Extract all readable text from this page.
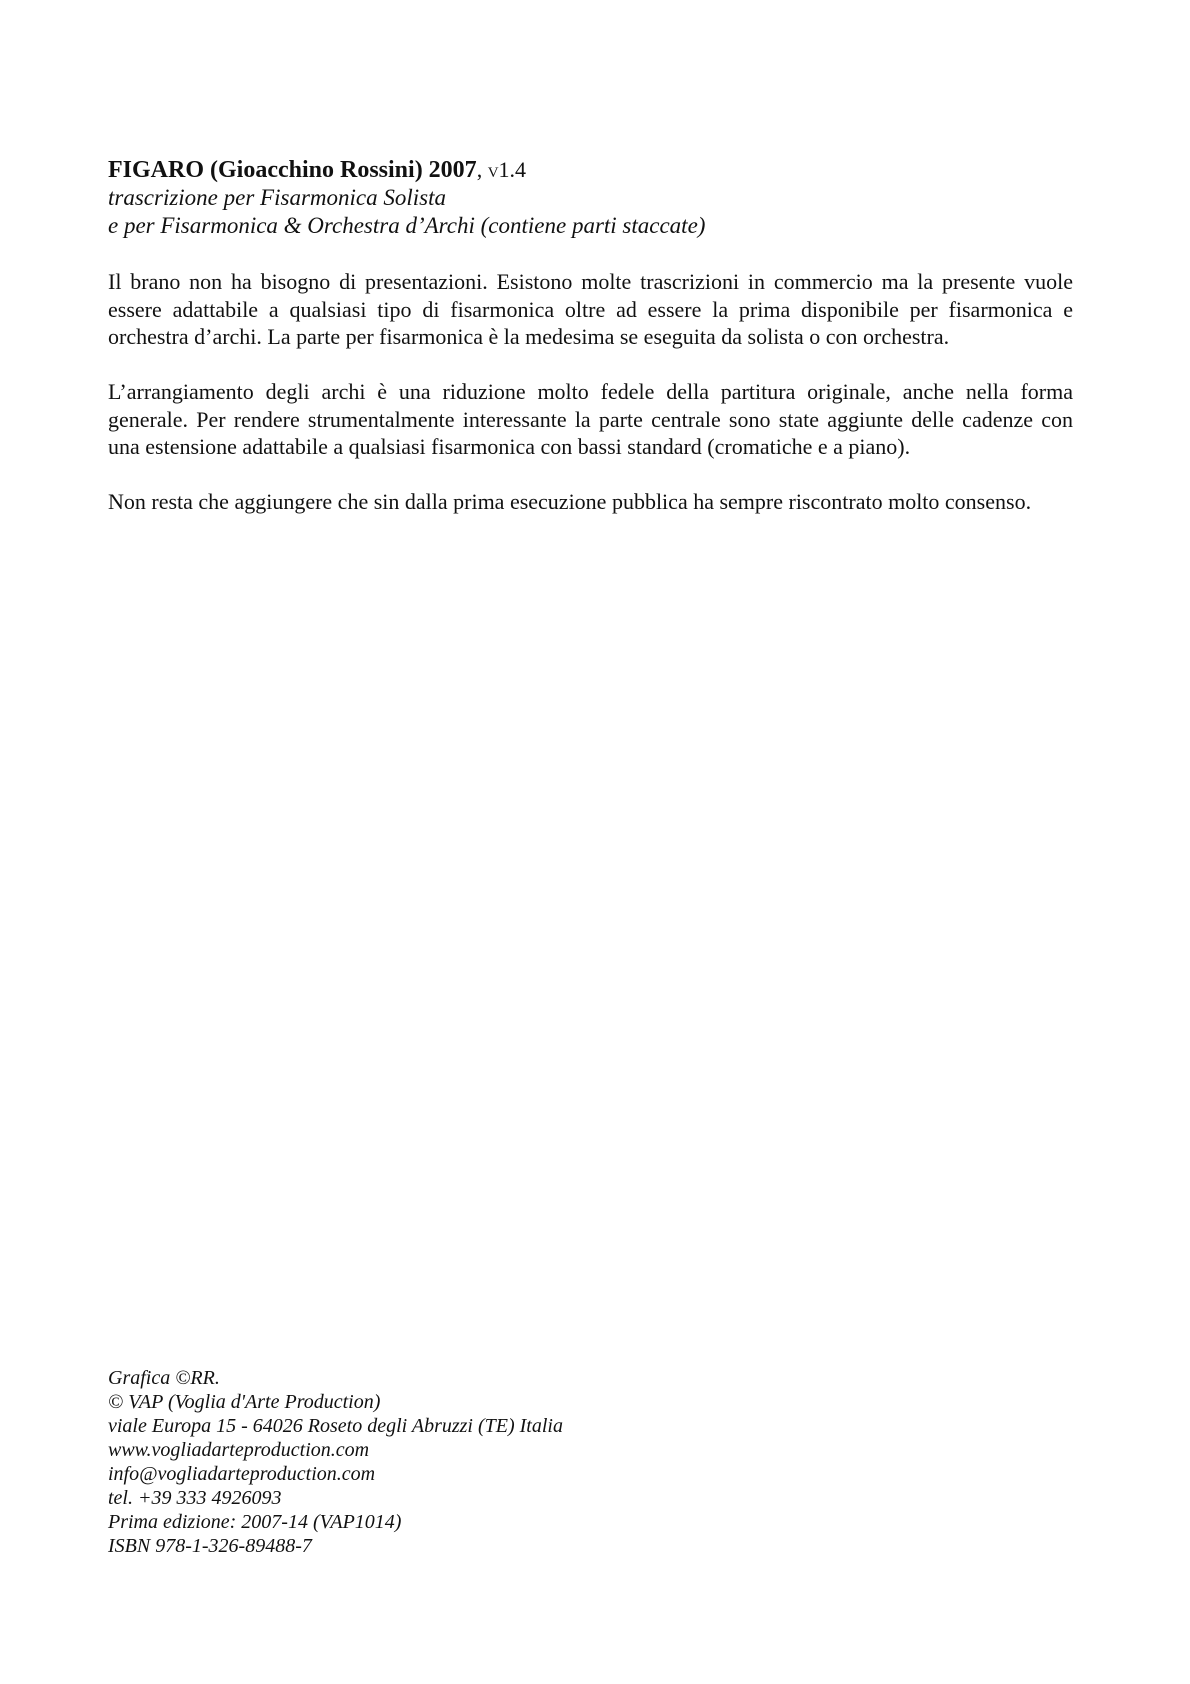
FIGARO (Gioacchino Rossini) 2007, v1.4
trascrizione per Fisarmonica Solista
e per Fisarmonica & Orchestra d’Archi (contiene parti staccate)

Il brano non ha bisogno di presentazioni. Esistono molte trascrizioni in commercio ma la presente vuole essere adattabile a qualsiasi tipo di fisarmonica oltre ad essere la prima disponibile per fisarmonica e orchestra d’archi. La parte per fisarmonica è la medesima se eseguita da solista o con orchestra.

L’arrangiamento degli archi è una riduzione molto fedele della partitura originale, anche nella forma generale. Per rendere strumentalmente interessante la parte centrale sono state aggiunte delle cadenze con una estensione adattabile a qualsiasi fisarmonica con bassi standard (cromatiche e a piano).

Non resta che aggiungere che sin dalla prima esecuzione pubblica ha sempre riscontrato molto consenso.

Grafica ©RR.
© VAP (Voglia d'Arte Production)
viale Europa 15 - 64026 Roseto degli Abruzzi (TE) Italia
www.vogliadarteproduction.com
info@vogliadarteproduction.com
tel. +39 333 4926093
Prima edizione: 2007-14 (VAP1014)
ISBN 978-1-326-89488-7
